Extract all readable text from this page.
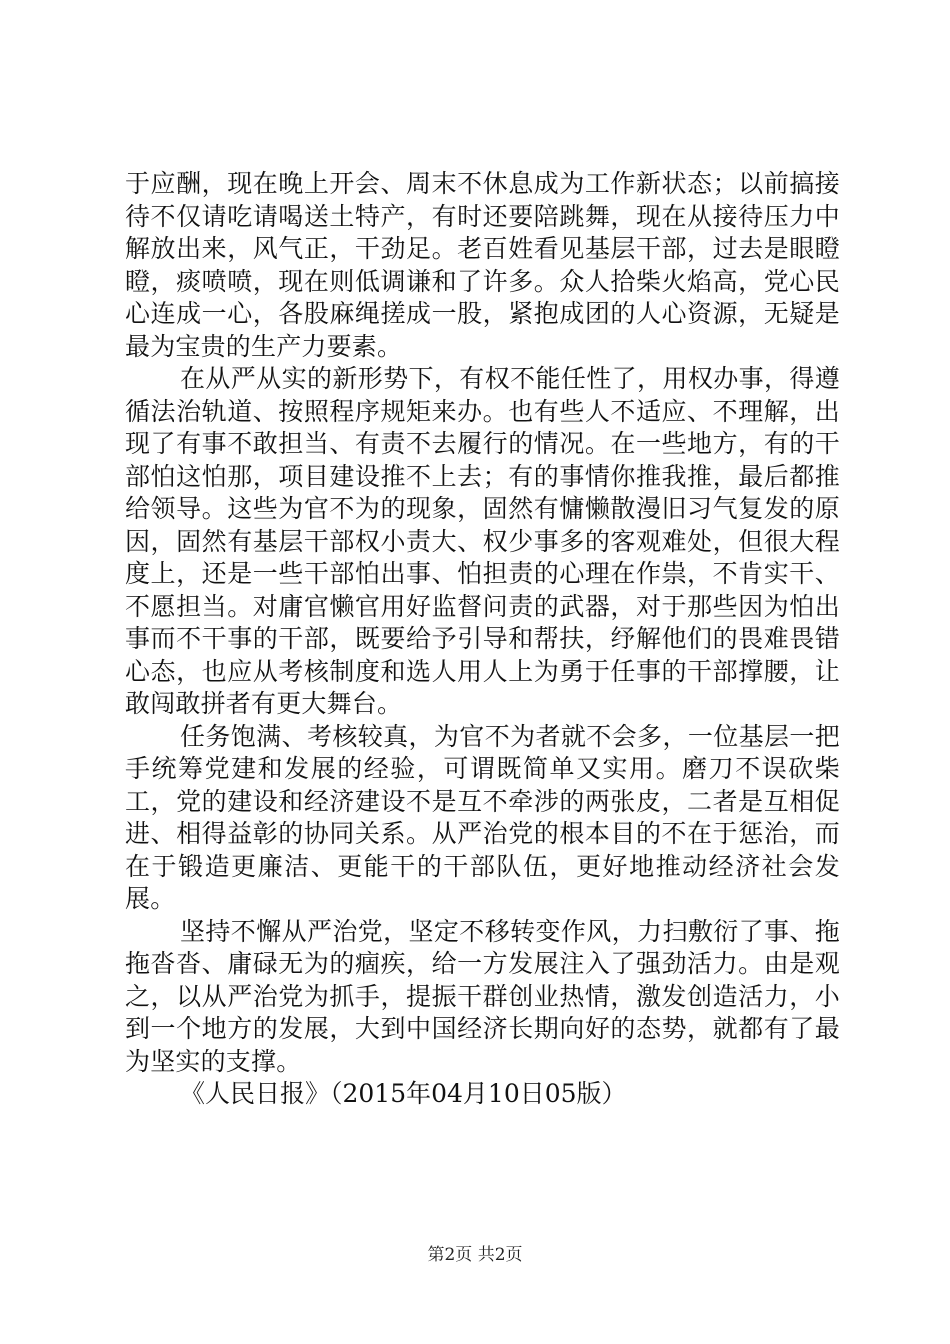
于应酬，现在晚上开会、周末不休息成为工作新状态；以前搞接待不仅请吃请喝送土特产，有时还要陪跳舞，现在从接待压力中解放出来，风气正，干劲足。老百姓看见基层干部，过去是眼瞪瞪，痰喷喷，现在则低调谦和了许多。众人拾柴火焰高，党心民心连成一心，各股麻绳搓成一股，紧抱成团的人心资源，无疑是最为宝贵的生产力要素。

在从严从实的新形势下，有权不能任性了，用权办事，得遵循法治轨道、按照程序规矩来办。也有些人不适应、不理解，出现了有事不敢担当、有责不去履行的情况。在一些地方，有的干部怕这怕那，项目建设推不上去；有的事情你推我推，最后都推给领导。这些为官不为的现象，固然有慵懒散漫旧习气复发的原因，固然有基层干部权小责大、权少事多的客观难处，但很大程度上，还是一些干部怕出事、怕担责的心理在作祟，不肯实干、不愿担当。对庸官懒官用好监督问责的武器，对于那些因为怕出事而不干事的干部，既要给予引导和帮扶，纾解他们的畏难畏错心态，也应从考核制度和选人用人上为勇于任事的干部撑腰，让敢闯敢拼者有更大舞台。

任务饱满、考核较真，为官不为者就不会多，一位基层一把手统筹党建和发展的经验，可谓既简单又实用。磨刀不误砍柴工，党的建设和经济建设不是互不牵涉的两张皮，二者是互相促进、相得益彰的协同关系。从严治党的根本目的不在于惩治，而在于锻造更廉洁、更能干的干部队伍，更好地推动经济社会发展。

坚持不懈从严治党，坚定不移转变作风，力扫敷衍了事、拖拖沓沓、庸碌无为的痼疾，给一方发展注入了强劲活力。由是观之，以从严治党为抓手，提振干群创业热情，激发创造活力，小到一个地方的发展，大到中国经济长期向好的态势，就都有了最为坚实的支撑。

《人民日报》（2015年04月10日05版）

第2页 共2页
